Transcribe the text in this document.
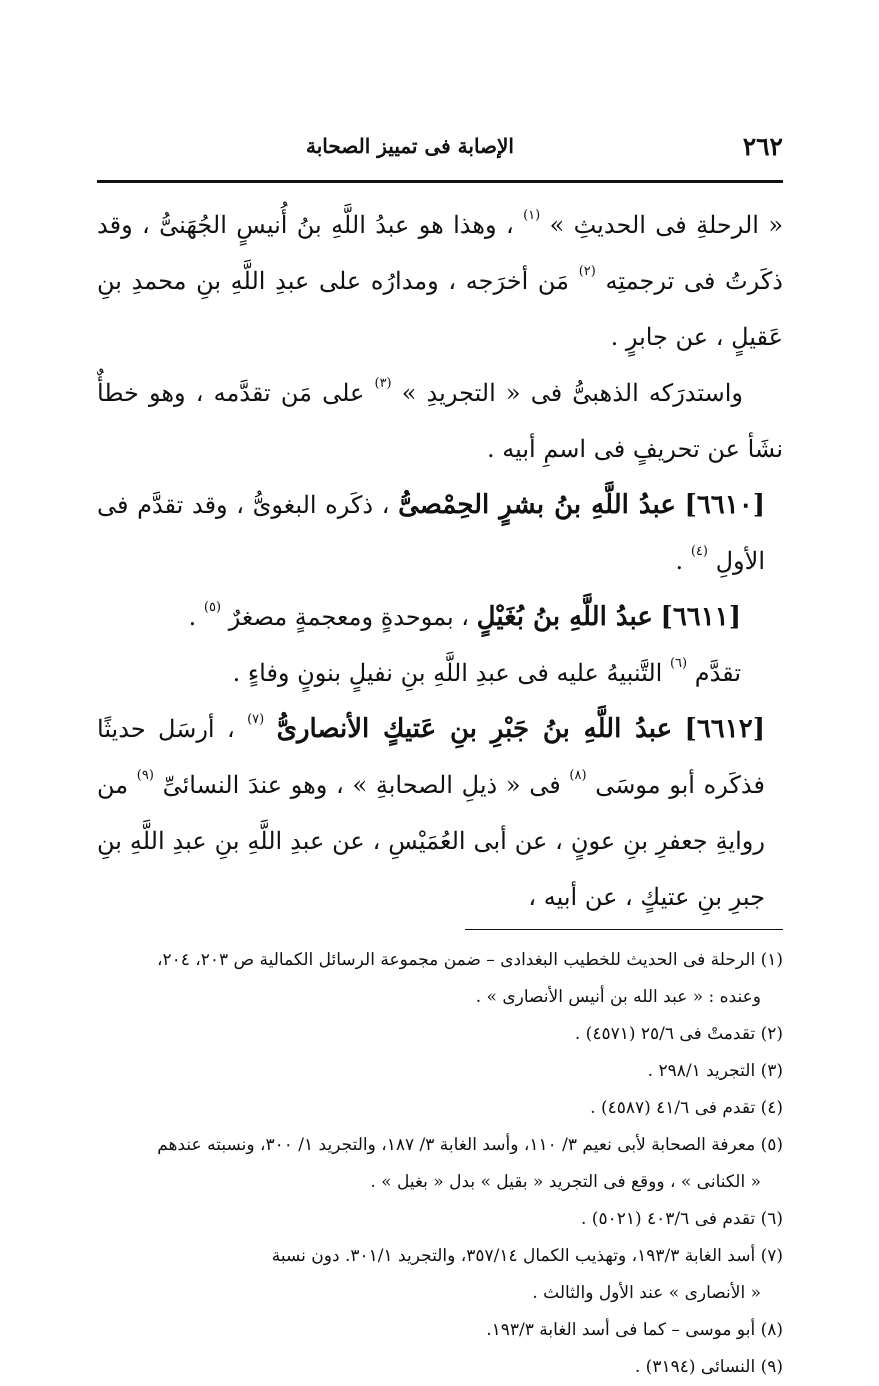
٢٦٢
الإصابة فى تمييز الصحابة

« الرحلةِ فى الحديثِ » $^{(١)}$ ، وهذا هو عبدُ اللَّهِ بنُ أُنيسٍ الجُهَنىُّ ، وقد ذكَرتُ فى ترجمتِه $^{(٢)}$ مَن أخرَجه ، ومدارُه على عبدِ اللَّهِ بنِ محمدِ بنِ عَقيلٍ ، عن جابرٍ .

واستدرَكه الذهبىُّ فى « التجريدِ » $^{(٣)}$ على مَن تقدَّمه ، وهو خطأٌ نشَأ عن تحريفٍ فى اسمِ أبيه .

[٦٦١٠] عبدُ اللَّهِ بنُ بشرٍ الحِمْصىُّ ، ذكَره البغوىُّ ، وقد تقدَّم فى الأولِ $^{(٤)}$ .

[٦٦١١] عبدُ اللَّهِ بنُ بُغَيْلٍ ، بموحدةٍ ومعجمةٍ مصغرٌ $^{(٥)}$ .

تقدَّم $^{(٦)}$ التَّنبيهُ عليه فى عبدِ اللَّهِ بنِ نفيلٍ بنونٍ وفاءٍ .

[٦٦١٢] عبدُ اللَّهِ بنُ جَبْرِ بنِ عَتيكٍ الأنصارىُّ $^{(٧)}$ ، أرسَل حديثًا فذكَره أبو موسَى $^{(٨)}$ فى « ذيلِ الصحابةِ » ، وهو عندَ النسائىِّ $^{(٩)}$ من روايةِ جعفرِ بنِ عونٍ ، عن أبى العُمَيْسِ ، عن عبدِ اللَّهِ بنِ عبدِ اللَّهِ بنِ جبرِ بنِ عتيكٍ ، عن أبيه ،

(١) الرحلة فى الحديث للخطيب البغدادى – ضمن مجموعة الرسائل الكمالية ص ٢٠٣، ٢٠٤،

وعنده : « عبد الله بن أنيس الأنصارى » .

(٢) تقدمتْ فى ٢٥/٦ (٤٥٧١) .

(٣) التجريد ٢٩٨/١ .

(٤) تقدم فى ٤١/٦ (٤٥٨٧) .

(٥) معرفة الصحابة لأبى نعيم ٣/ ١١٠، وأسد الغابة ٣/ ١٨٧، والتجريد ١/ ٣٠٠، ونسبته عندهم

« الكنانى » ، ووقع فى التجريد « بقيل » بدل « بغيل » .

(٦) تقدم فى ٤٠٣/٦ (٥٠٢١) .

(٧) أسد الغابة ١٩٣/٣، وتهذيب الكمال ٣٥٧/١٤، والتجريد ٣٠١/١. دون نسبة

« الأنصارى » عند الأول والثالث .

(٨) أبو موسى – كما فى أسد الغابة ١٩٣/٣.

(٩) النسائى (٣١٩٤) .
